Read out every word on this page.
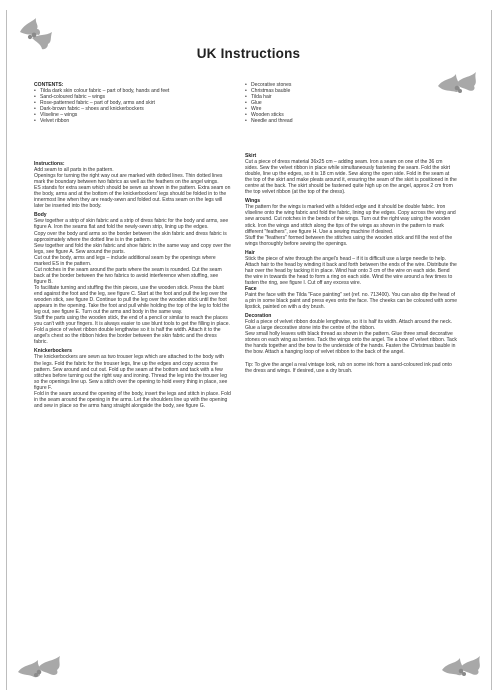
UK Instructions
CONTENTS:
• Tilda dark skin colour fabric – part of body, hands and feet
• Sand-coloured fabric – wings
• Rose-patterned fabric – part of body, arms and skirt
• Dark-brown fabric – shoes and knickerbockers
• Vliseline – wings
• Velvet ribbon
• Decorative stones
• Christmas bauble
• Tilda hair
• Glue
• Wire
• Wooden sticks
• Needle and thread
Instructions:
Add seam to all parts in the pattern.
Openings for turning the right way out are marked with dotted lines. Thin dotted lines mark the boundary between two fabrics as well as the feathers on the angel wings.
ES stands for extra seam which should be sewn as shown in the pattern. Extra seam on the body, arms and at the bottom of the knickerbockers' legs should be folded in to the innermost line when they are ready-sewn and folded out. Extra seam on the legs will later be inserted into the body.
Body
Sew together a strip of skin fabric and a strip of dress fabric for the body and arms, see figure A. Iron the seams flat and fold the newly-sewn strip, lining up the edges.
Copy over the body and arms so the border between the skin fabric and dress fabric is approximately where the dotted line is in the pattern.
Sew together and fold the skin fabric and shoe fabric in the same way and copy over the legs, see figure A. Sew around the parts.
Cut out the body, arms and legs – include additional seam by the openings where marked ES in the pattern.
Cut notches in the seam around the parts where the seam is rounded. Cut the seam back at the border between the two fabrics to avoid interference when stuffing, see figure B.
To facilitate turning and stuffing the thin pieces, use the wooden stick. Press the blunt end against the foot and the leg, see figure C. Start at the foot and pull the leg over the wooden stick, see figure D. Continue to pull the leg over the wooden stick until the foot appears in the opening. Take the foot and pull while holding the top of the leg to fold the leg out, see figure E. Turn out the arms and body in the same way.
Stuff the parts using the wooden stick, the end of a pencil or similar to reach the places you can't with your fingers. It is always easier to use blunt tools to get the filling in place.
Fold a piece of velvet ribbon double lengthwise so it is half the width. Attach it to the angel's chest so the ribbon hides the border between the skin fabric and the dress fabric.
Knickerbockers
The knickerbockers are sewn as two trouser legs which are attached to the body with the legs. Fold the fabric for the trouser legs, line up the edges and copy across the pattern. Sew around and cut out. Fold up the seam at the bottom and tack with a few stitches before turning out the right way and ironing. Thread the leg into the trouser leg so the openings line up. Sew a stitch over the opening to hold every thing in place, see figure F.
Fold in the seam around the opening of the body, insert the legs and stitch in place. Fold in the seam around the opening in the arms. Let the shoulders line up with the opening and sew in place so the arms hang straight alongside the body, see figure G.
Skirt
Cut a piece of dress material 36x25 cm – adding seam. Iron a seam on one of the 36 cm sides. Sew the velvet ribbon in place while simultaneously fastening the seam. Fold the skirt double, line up the edges, so it is 18 cm wide. Sew along the open side. Fold in the seam at the top of the skirt and make pleats around it, ensuring the seam of the skirt is positioned in the centre at the back. The skirt should be fastened quite high up on the angel, approx 2 cm from the top velvet ribbon (at the top of the dress).
Wings
The pattern for the wings is marked with a folded edge and it should be double fabric. Iron vliseline onto the wing fabric and fold the fabric, lining up the edges. Copy across the wing and sew around. Cut notches in the bends of the wings. Turn out the right way using the wooden stick. Iron the wings and stitch along the tips of the wings as shown in the pattern to mark different "feathers", see figure H. Use a sewing machine if desired.
Stuff the "feathers" formed between the stitches using the wooden stick and fill the rest of the wings thoroughly before sewing the openings.
Hair
Stick the piece of wire through the angel's head – if it is difficult use a large needle to help. Attach hair to the head by winding it back and forth between the ends of the wire. Distribute the hair over the head by tacking it in place. Wind hair onto 3 cm of the wire on each side. Bend the wire in towards the head to form a ring on each side. Wind the wire around a few times to fasten the ring, see figure I. Cut off any excess wire.
Face
Paint the face with the Tilda "Face painting" set (ref. no. 713400). You can also dip the head of a pin in some black paint and press eyes onto the face. The cheeks can be coloured with some lipstick, painted on with a dry brush.
Decoration
Fold a piece of velvet ribbon double lengthwise, so it is half its width. Attach around the neck. Glue a large decorative stone into the centre of the ribbon.
Sew small holly leaves with black thread as shown in the pattern. Glue three small decorative stones on each wing as berries. Tack the wings onto the angel. Tie a bow of velvet ribbon. Tack the hands together and the bow to the underside of the hands. Fasten the Christmas bauble in the bow. Attach a hanging loop of velvet ribbon to the back of the angel.
Tip: To give the angel a real vintage look, rub on some ink from a sand-coloured ink pad onto the dress and wings. If desired, use a dry brush.
